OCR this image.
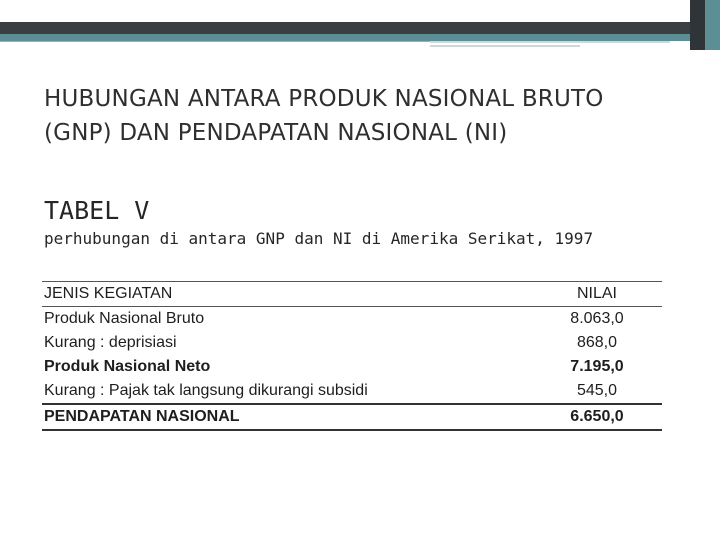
HUBUNGAN ANTARA PRODUK NASIONAL BRUTO
(GNP) DAN PENDAPATAN NASIONAL (NI)
TABEL V
perhubungan di antara GNP dan NI di Amerika Serikat, 1997
JENIS KEGIATAN	NILAI
Produk Nasional Bruto	8.063,0
Kurang : deprisiasi	868,0
Produk Nasional Neto	7.195,0
Kurang : Pajak tak langsung dikurangi subsidi	545,0
PENDAPATAN NASIONAL	6.650,0
